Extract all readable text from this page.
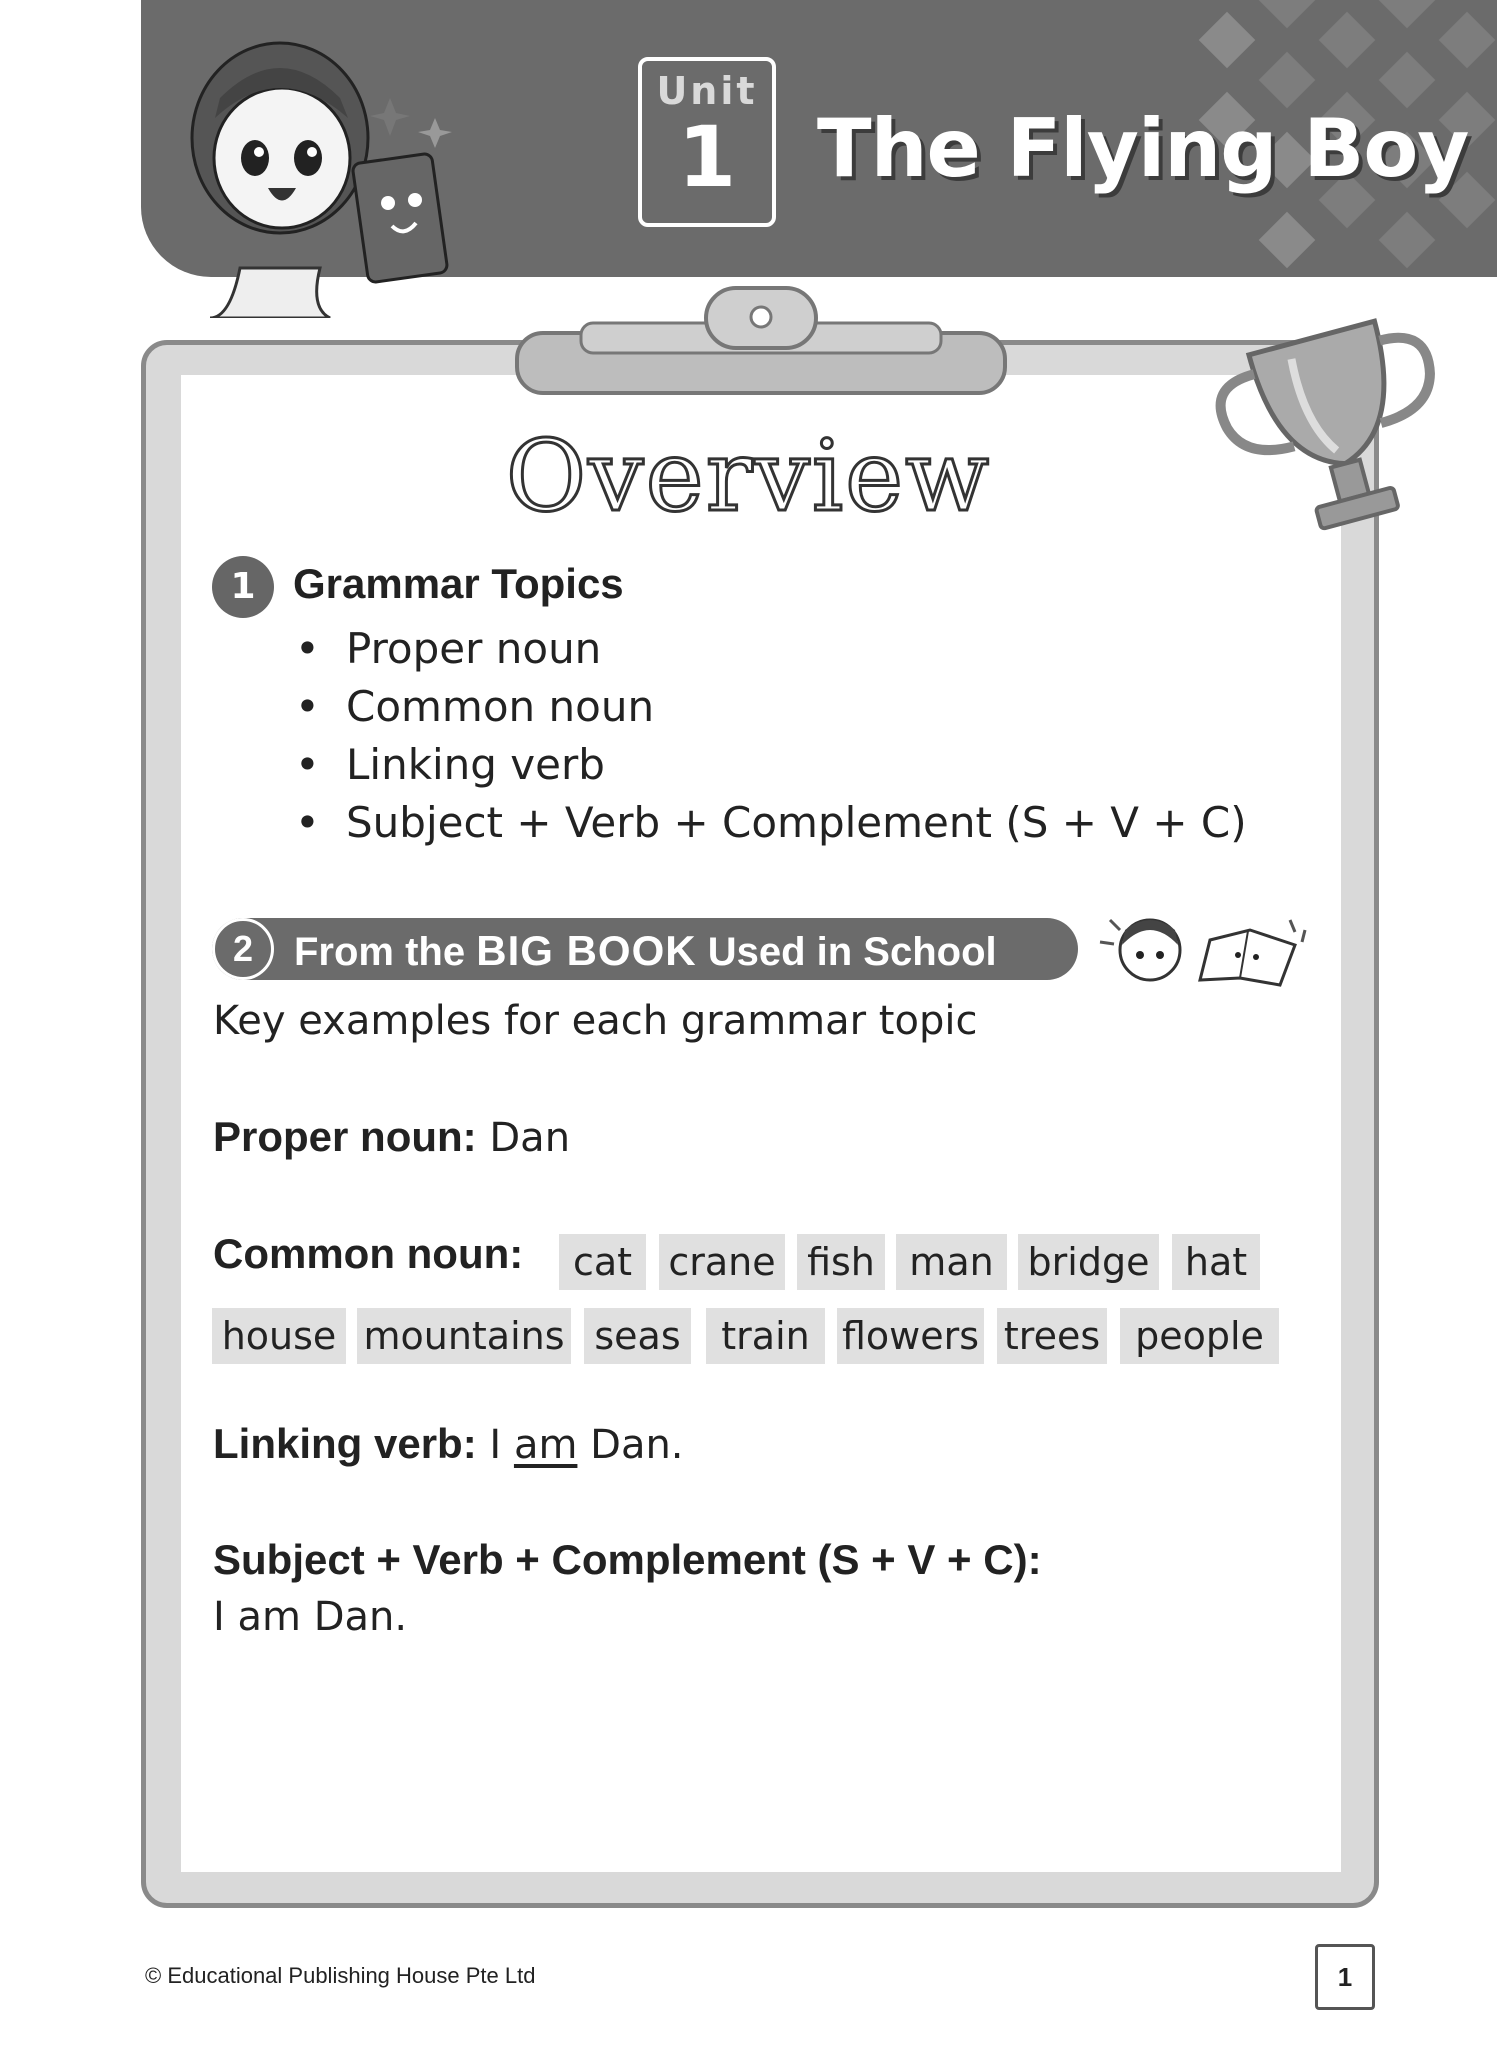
Unit
1	The Flying Boy
Overview
1 Grammar Topics
• Proper noun
• Common noun
• Linking verb
• Subject + Verb + Complement (S + V + C)
2	From the BIG BOOK Used in School
Key examples for each grammar topic
Proper noun: Dan
Common noun:	cat crane fish man bridge hat
house mountains seas	train flowers trees people
Linking verb: I am Dan.
Subject + Verb + Complement (S + V + C):
I am Dan.
© Educational Publishing House Pte Ltd	1
